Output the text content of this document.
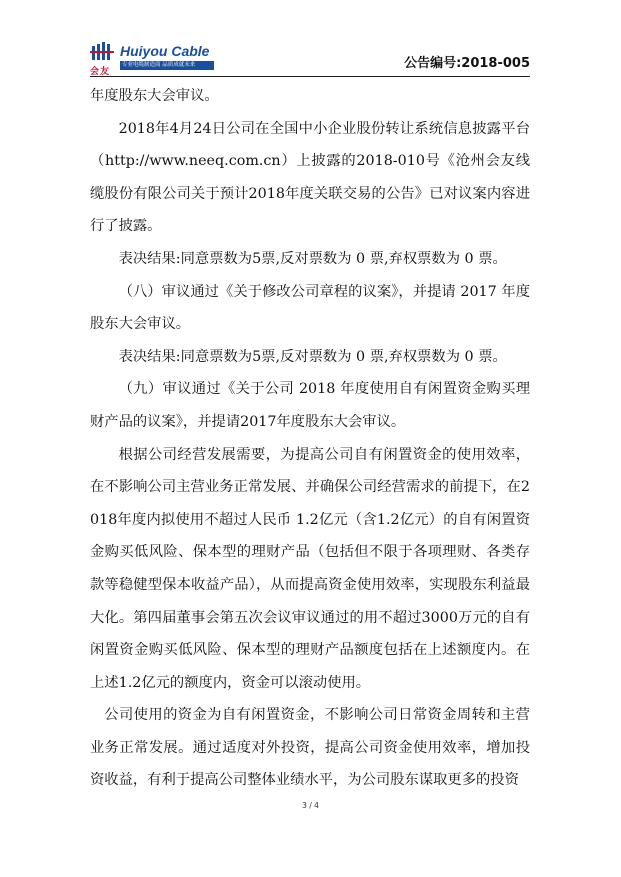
会友
Huiyou Cable
专业电缆制造商 品质成就未来	公告编号:2018-005

年度股东大会审议。

2018年4月24日公司在全国中小企业股份转让系统信息披露平台（http://www.neeq.com.cn）上披露的2018-010号《沧州会友线缆股份有限公司关于预计2018年度关联交易的公告》已对议案内容进行了披露。

表决结果:同意票数为5票,反对票数为 0 票,弃权票数为 0 票。

（八）审议通过《关于修改公司章程的议案》，并提请 2017 年度股东大会审议。

表决结果:同意票数为5票,反对票数为 0 票,弃权票数为 0 票。

（九）审议通过《关于公司 2018 年度使用自有闲置资金购买理财产品的议案》，并提请2017年度股东大会审议。

根据公司经营发展需要，为提高公司自有闲置资金的使用效率，在不影响公司主营业务正常发展、并确保公司经营需求的前提下，在2018年度内拟使用不超过人民币 1.2亿元（含1.2亿元）的自有闲置资金购买低风险、保本型的理财产品（包括但不限于各项理财、各类存款等稳健型保本收益产品），从而提高资金使用效率，实现股东利益最大化。第四届董事会第五次会议审议通过的用不超过3000万元的自有闲置资金购买低风险、保本型的理财产品额度包括在上述额度内。在上述1.2亿元的额度内，资金可以滚动使用。

公司使用的资金为自有闲置资金，不影响公司日常资金周转和主营业务正常发展。通过适度对外投资，提高公司资金使用效率，增加投资收益，有利于提高公司整体业绩水平，为公司股东谋取更多的投资

3 / 4
